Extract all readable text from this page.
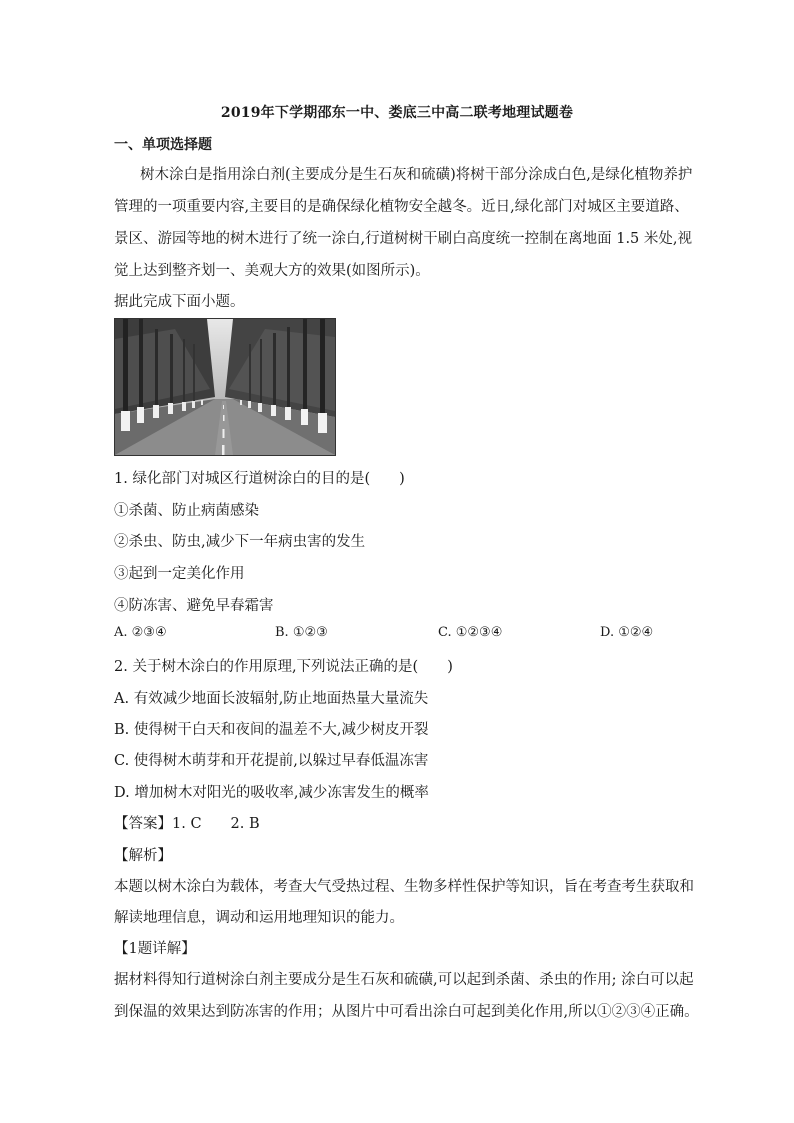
2019年下学期邵东一中、娄底三中高二联考地理试题卷
一、单项选择题
树木涂白是指用涂白剂(主要成分是生石灰和硫磺)将树干部分涂成白色,是绿化植物养护
管理的一项重要内容,主要目的是确保绿化植物安全越冬。近日,绿化部门对城区主要道路、
景区、游园等地的树木进行了统一涂白,行道树树干刷白高度统一控制在离地面 1.5 米处,视
觉上达到整齐划一、美观大方的效果(如图所示)。
据此完成下面小题。
1. 绿化部门对城区行道树涂白的目的是(　　)
①杀菌、防止病菌感染
②杀虫、防虫,减少下一年病虫害的发生
③起到一定美化作用
④防冻害、避免早春霜害
A. ②③④	B. ①②③	C. ①②③④	D. ①②④
2. 关于树木涂白的作用原理,下列说法正确的是(　　)
A. 有效减少地面长波辐射,防止地面热量大量流失
B. 使得树干白天和夜间的温差不大,减少树皮开裂
C. 使得树木萌芽和开花提前,以躲过早春低温冻害
D. 增加树木对阳光的吸收率,减少冻害发生的概率
【答案】1. C　　2. B
【解析】
本题以树木涂白为载体，考查大气受热过程、生物多样性保护等知识，旨在考查考生获取和
解读地理信息，调动和运用地理知识的能力。
【1题详解】
据材料得知行道树涂白剂主要成分是生石灰和硫磺,可以起到杀菌、杀虫的作用; 涂白可以起
到保温的效果达到防冻害的作用；从图片中可看出涂白可起到美化作用,所以①②③④正确。
